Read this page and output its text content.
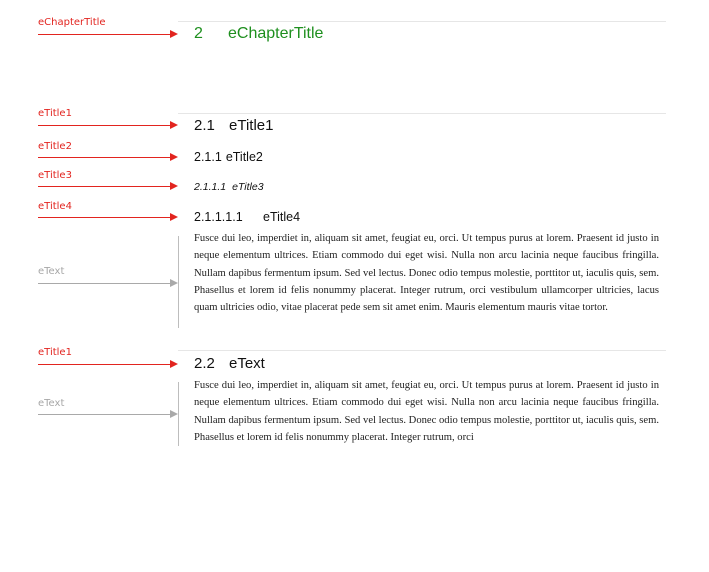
eChapterTitle
2 eChapterTitle
eTitle1
2.1 eTitle1
eTitle2
2.1.1 eTitle2
eTitle3
2.1.1.1 eTitle3
eTitle4
2.1.1.1.1 eTitle4
eText

Fusce dui leo, imperdiet in, aliquam sit amet, feugiat eu, orci. Ut tempus purus at lorem. Praesent id justo in neque elementum ultrices. Etiam commodo dui eget wisi. Nulla non arcu lacinia neque faucibus fringilla. Nullam dapibus fermentum ipsum. Sed vel lectus. Donec odio tempus molestie, porttitor ut, iaculis quis, sem. Phasellus et lorem id felis nonummy placerat. Integer rutrum, orci vestibulum ullamcorper ultricies, lacus quam ultricies odio, vitae placerat pede sem sit amet enim. Mauris elementum mauris vitae tortor.

eTitle1
2.2 eText
eText

Fusce dui leo, imperdiet in, aliquam sit amet, feugiat eu, orci. Ut tempus purus at lorem. Praesent id justo in neque elementum ultrices. Etiam commodo dui eget wisi. Nulla non arcu lacinia neque faucibus fringilla. Nullam dapibus fermentum ipsum. Sed vel lectus. Donec odio tempus molestie, porttitor ut, iaculis quis, sem. Phasellus et lorem id felis nonummy placerat. Integer rutrum, orci
